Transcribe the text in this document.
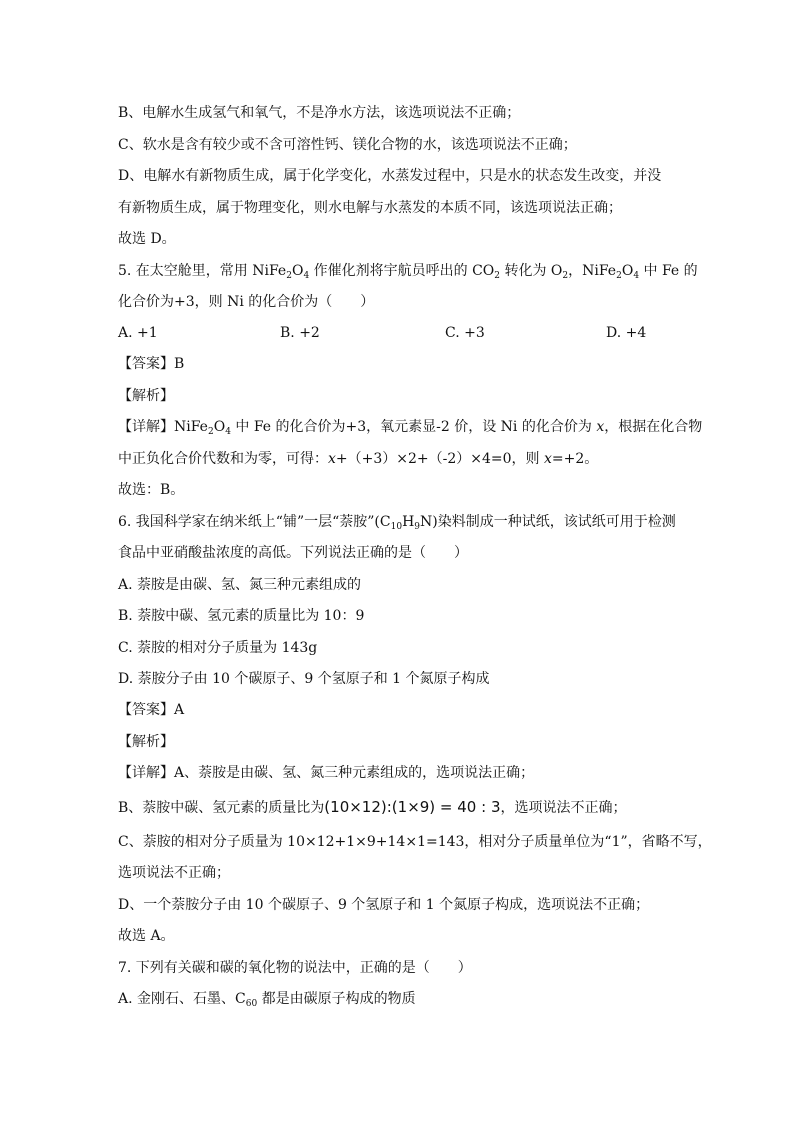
B、电解水生成氢气和氧气，不是净水方法，该选项说法不正确；
C、软水是含有较少或不含可溶性钙、镁化合物的水，该选项说法不正确；
D、电解水有新物质生成，属于化学变化，水蒸发过程中，只是水的状态发生改变，并没
有新物质生成，属于物理变化，则水电解与水蒸发的本质不同，该选项说法正确；
故选 D。
5. 在太空舱里，常用 $NiFe_2O_4$ 作催化剂将宇航员呼出的 $CO_2$ 转化为 $O_2$，$NiFe_2O_4$ 中 Fe 的
化合价为+3，则 Ni 的化合价为（　　）
A. +1	B. +2	C. +3	D. +4
【答案】B
【解析】
【详解】$NiFe_2O_4$ 中 Fe 的化合价为+3，氧元素显-2 价，设 Ni 的化合价为 x，根据在化合物
中正负化合价代数和为零，可得：x+（+3）×2+（-2）×4=0，则 x=+2。
故选：B。
6. 我国科学家在纳米纸上“铺”一层“萘胺$”(C_{10}H_9N)$染料制成一种试纸，该试纸可用于检测
食品中亚硝酸盐浓度的高低。下列说法正确的是（　　）
A. 萘胺是由碳、氢、氮三种元素组成的
B. 萘胺中碳、氢元素的质量比为 10：9
C. 萘胺的相对分子质量为 143g
D. 萘胺分子由 10 个碳原子、9 个氢原子和 1 个氮原子构成
【答案】A
【解析】
【详解】A、萘胺是由碳、氢、氮三种元素组成的，选项说法正确；
B、萘胺中碳、氢元素的质量比为(10×12):(1×9) = 40 : 3，选项说法不正确；
C、萘胺的相对分子质量为 10×12+1×9+14×1=143，相对分子质量单位为“1”，省略不写，
选项说法不正确；
D、一个萘胺分子由 10 个碳原子、9 个氢原子和 1 个氮原子构成，选项说法不正确；
故选 A。
7. 下列有关碳和碳的氧化物的说法中，正确的是（　　）
A. 金刚石、石墨、$C_{60}$ 都是由碳原子构成的物质
